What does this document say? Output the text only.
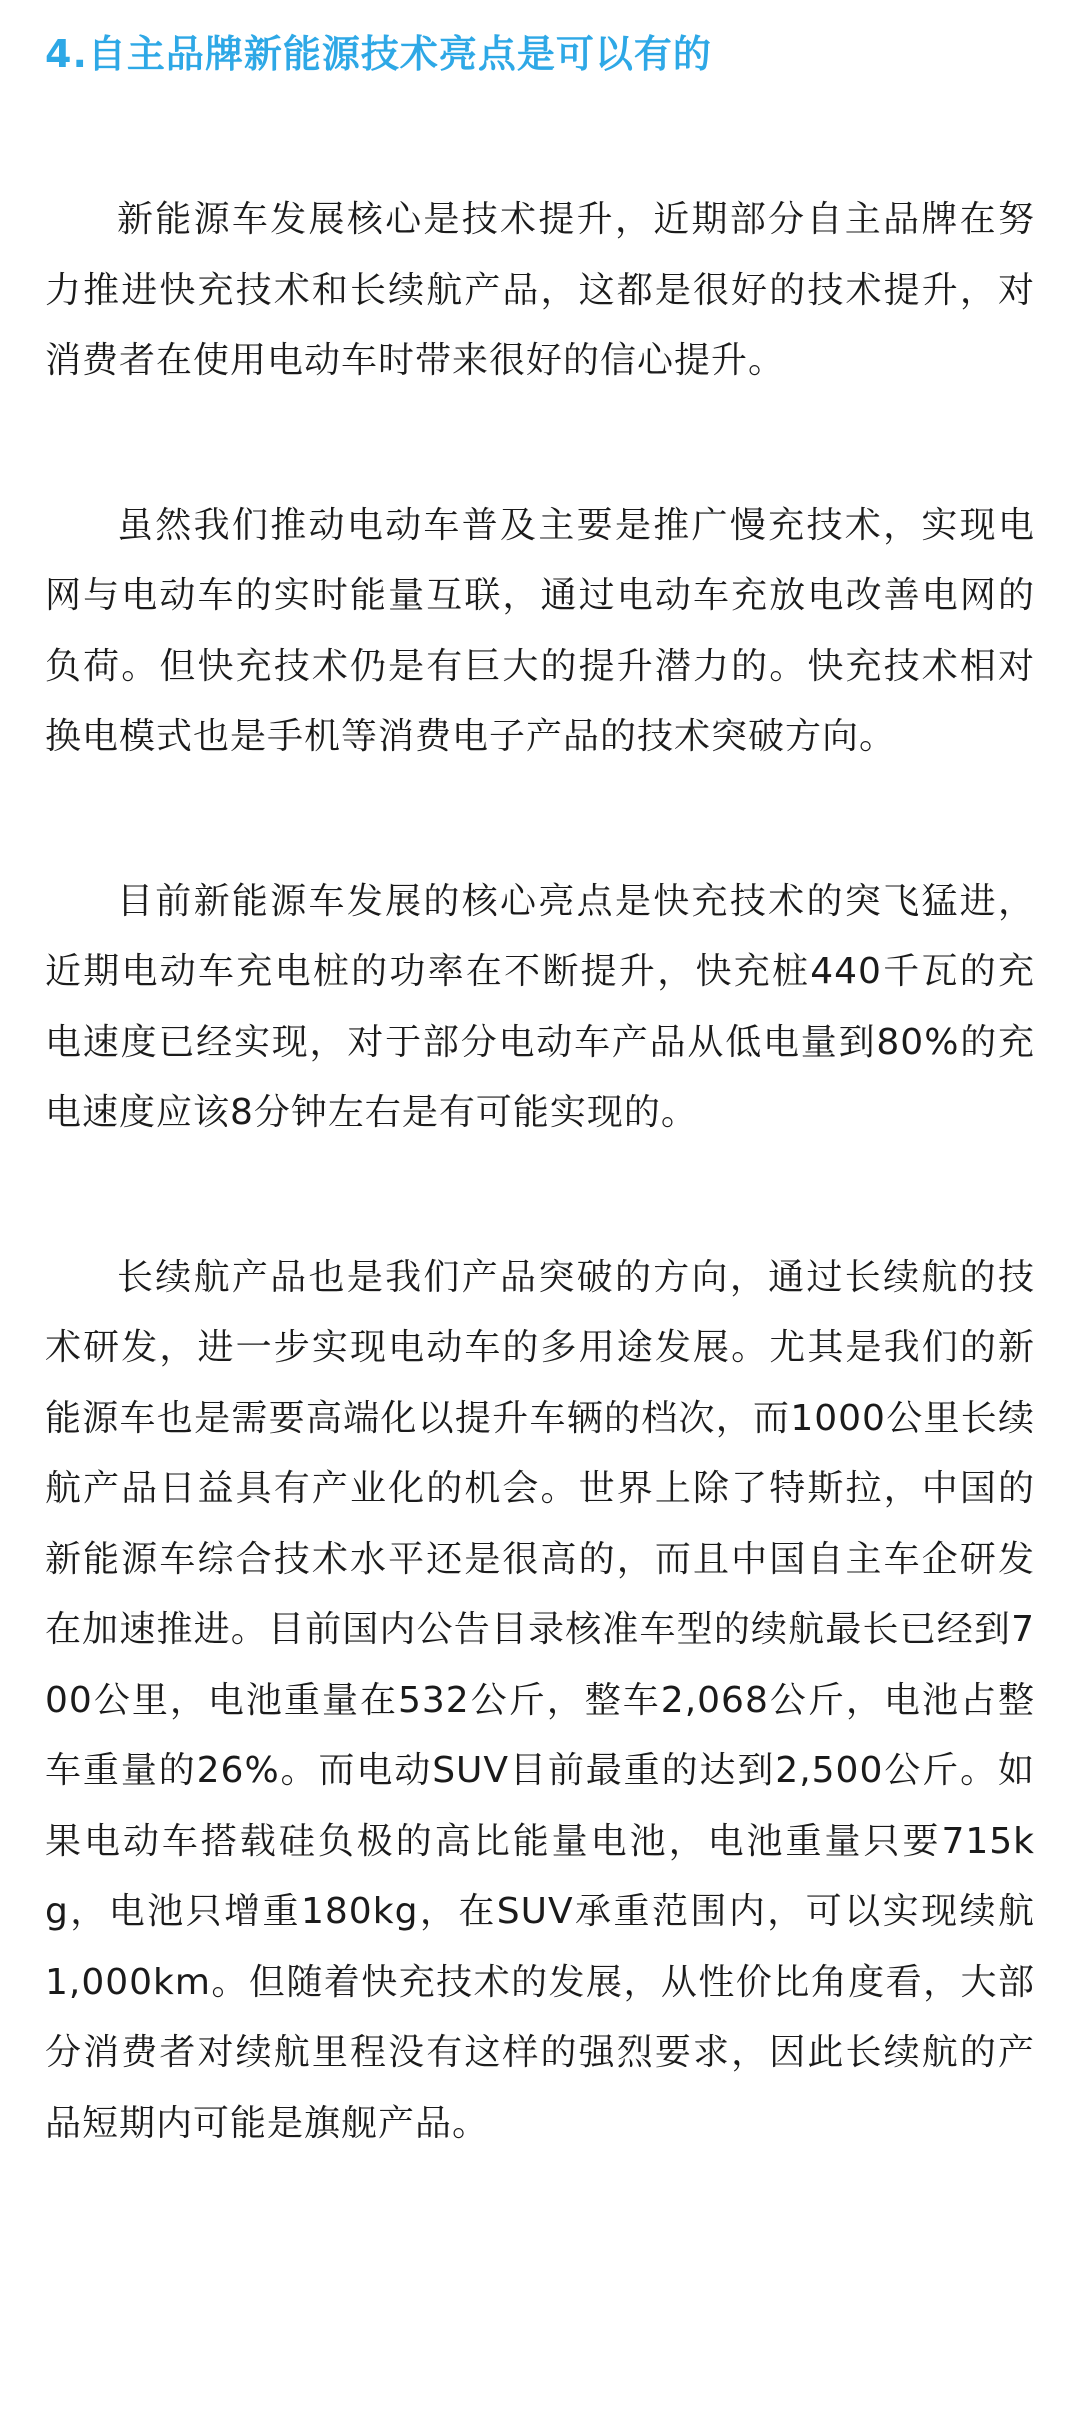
4.自主品牌新能源技术亮点是可以有的

新能源车发展核心是技术提升，近期部分自主品牌在努力推进快充技术和长续航产品，这都是很好的技术提升，对消费者在使用电动车时带来很好的信心提升。

虽然我们推动电动车普及主要是推广慢充技术，实现电网与电动车的实时能量互联，通过电动车充放电改善电网的负荷。但快充技术仍是有巨大的提升潜力的。快充技术相对换电模式也是手机等消费电子产品的技术突破方向。

目前新能源车发展的核心亮点是快充技术的突飞猛进，近期电动车充电桩的功率在不断提升，快充桩440千瓦的充电速度已经实现，对于部分电动车产品从低电量到80%的充电速度应该8分钟左右是有可能实现的。

长续航产品也是我们产品突破的方向，通过长续航的技术研发，进一步实现电动车的多用途发展。尤其是我们的新能源车也是需要高端化以提升车辆的档次，而1000公里长续航产品日益具有产业化的机会。世界上除了特斯拉，中国的新能源车综合技术水平还是很高的，而且中国自主车企研发在加速推进。目前国内公告目录核准车型的续航最长已经到700公里，电池重量在532公斤，整车2,068公斤，电池占整车重量的26%。而电动SUV目前最重的达到2,500公斤。如果电动车搭载硅负极的高比能量电池，电池重量只要715kg，电池只增重180kg，在SUV承重范围内，可以实现续航1,000km。但随着快充技术的发展，从性价比角度看，大部分消费者对续航里程没有这样的强烈要求，因此长续航的产品短期内可能是旗舰产品。
